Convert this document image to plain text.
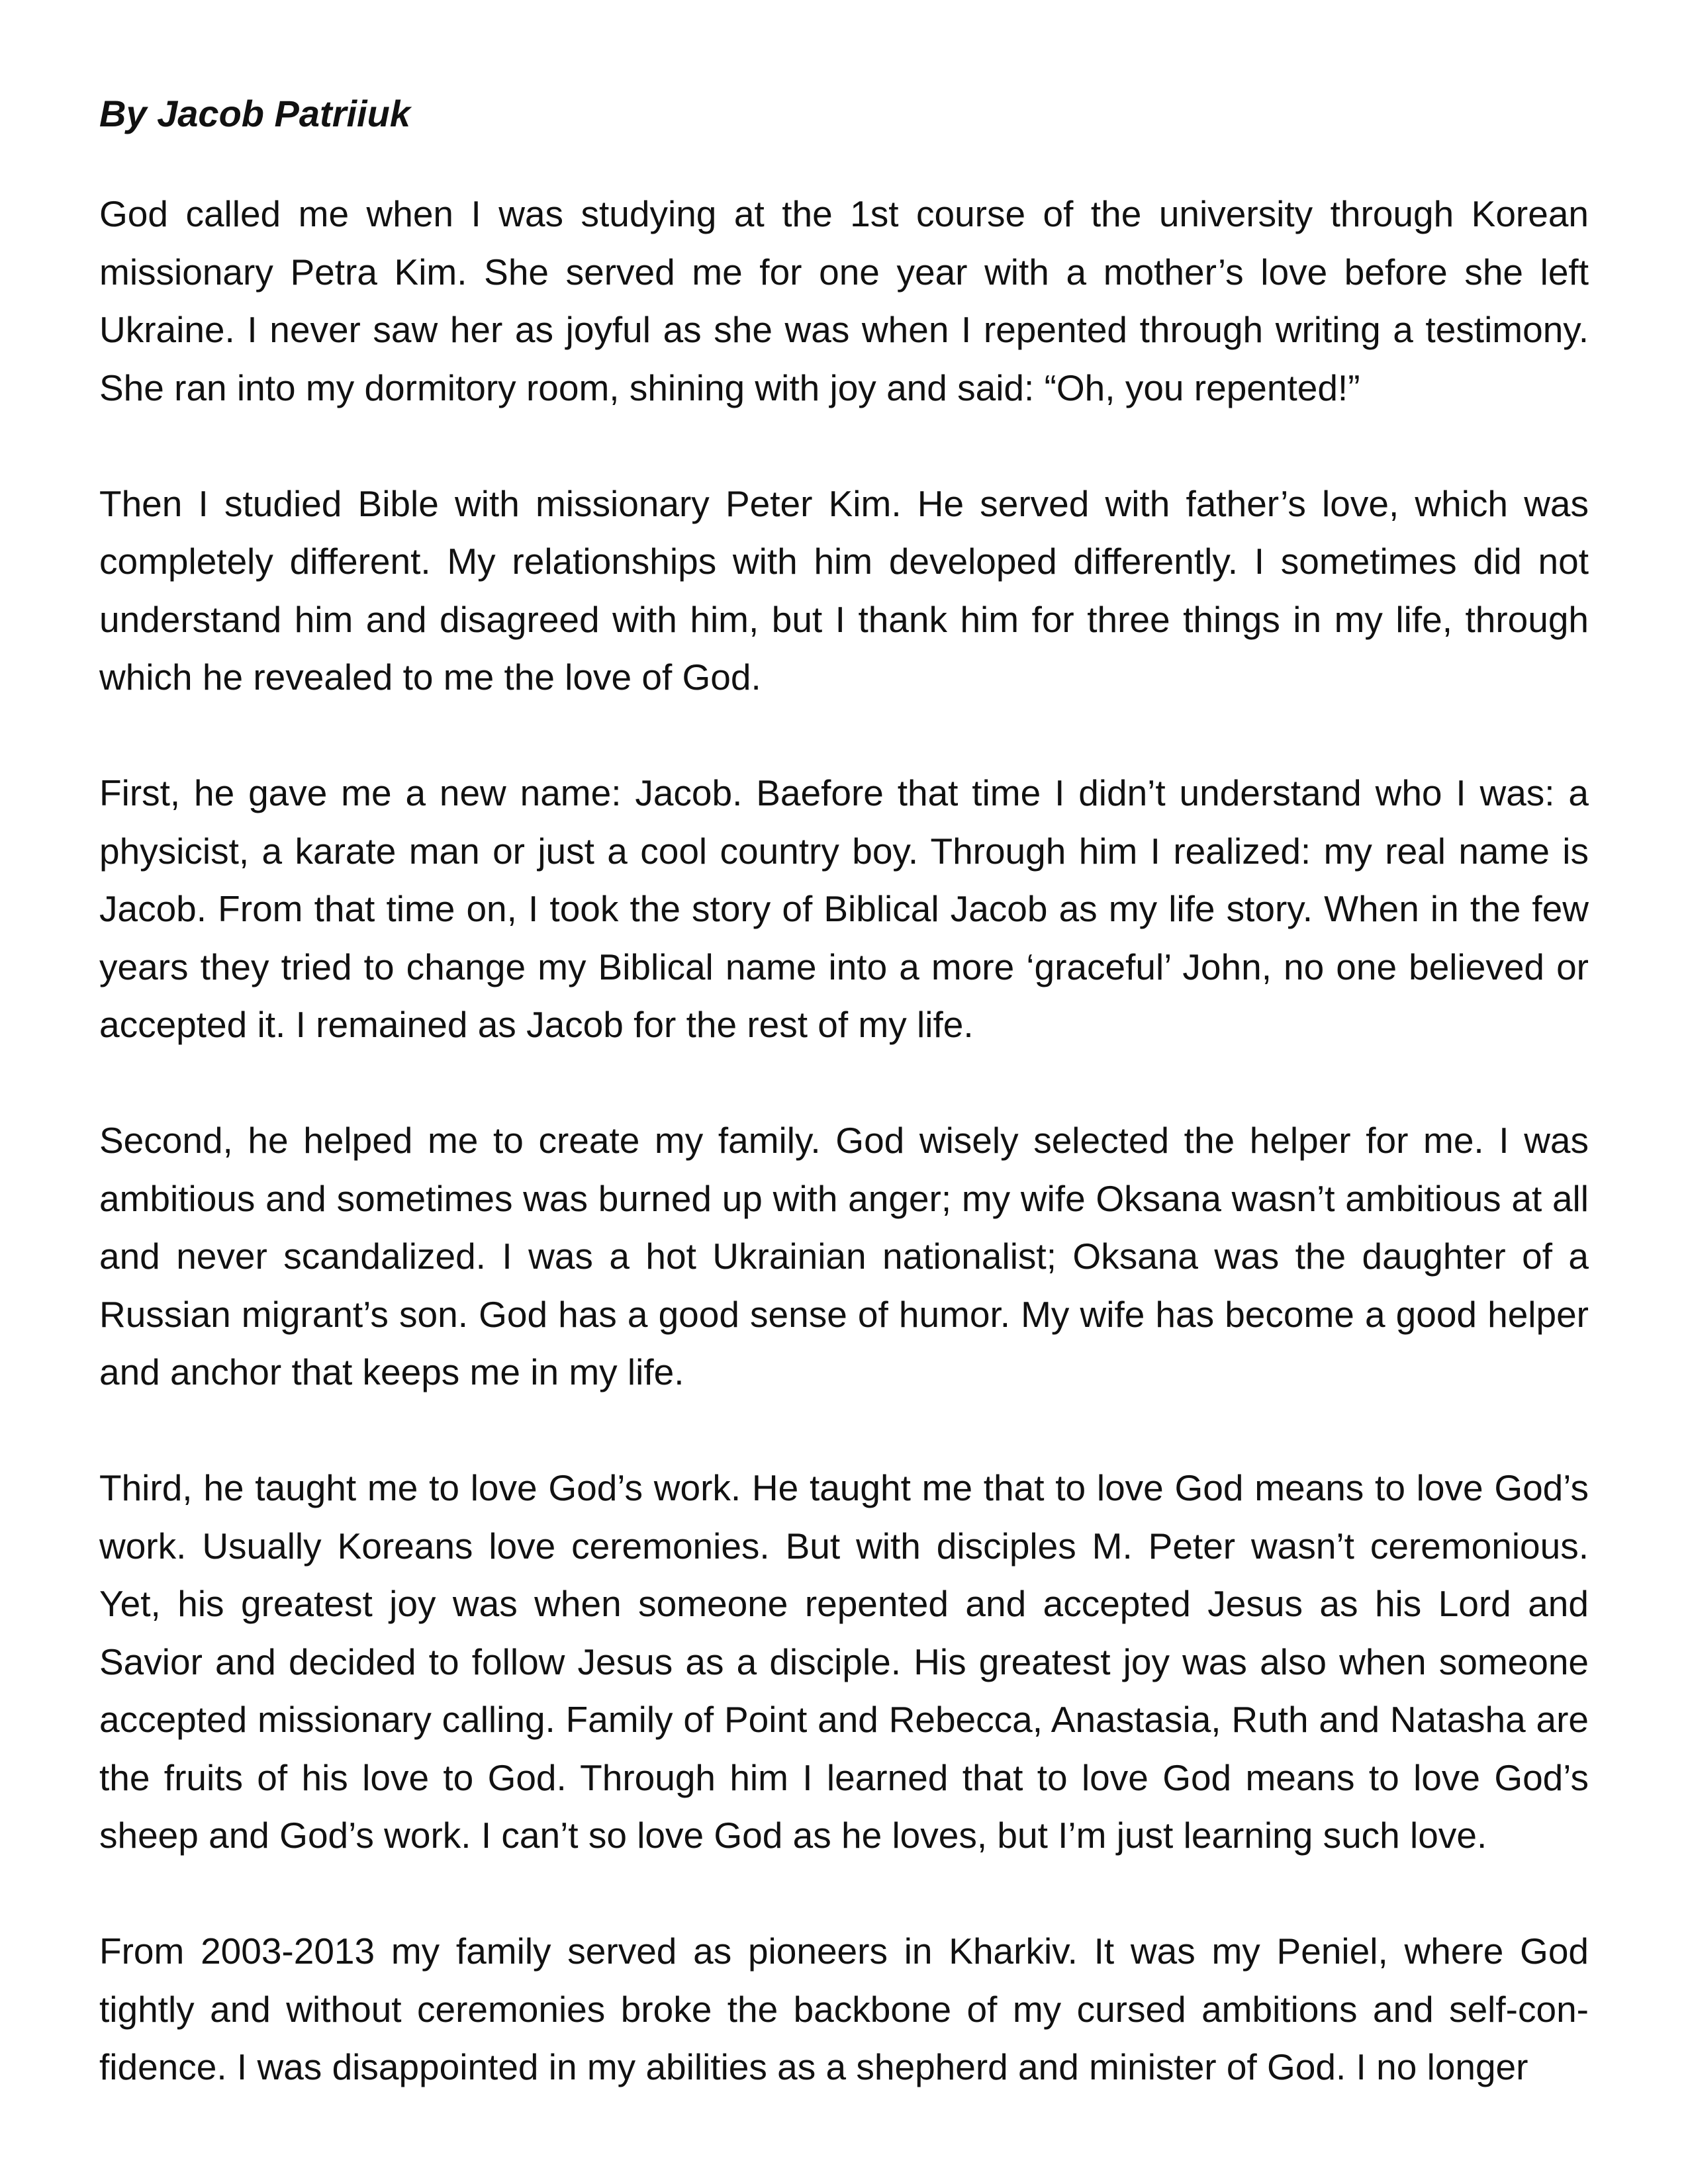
By Jacob Patriiuk

God called me when I was studying at the 1st course of the university through Korean missionary Petra Kim. She served me for one year with a mother’s love before she left Ukraine. I never saw her as joyful as she was when I repented through writing a testimony. She ran into my dormitory room, shining with joy and said: “Oh, you repented!”

Then I studied Bible with missionary Peter Kim. He served with father’s love, which was completely different. My relationships with him developed differently. I sometimes did not understand him and disagreed with him, but I thank him for three things in my life, through which he revealed to me the love of God.

First, he gave me a new name: Jacob. Baefore that time I didn’t understand who I was: a physicist, a karate man or just a cool country boy. Through him I realized: my real name is Jacob. From that time on, I took the story of Biblical Jacob as my life story. When in the few years they tried to change my Biblical name into a more ‘graceful’ John, no one believed or accepted it. I remained as Jacob for the rest of my life.

Second, he helped me to create my family. God wisely selected the helper for me. I was ambitious and sometimes was burned up with anger; my wife Oksana wasn’t ambitious at all and never scandalized. I was a hot Ukrainian nationalist; Oksana was the daughter of a Russian migrant’s son. God has a good sense of humor. My wife has become a good helper and anchor that keeps me in my life.

Third, he taught me to love God’s work. He taught me that to love God means to love God’s work. Usually Koreans love ceremonies. But with disciples M. Peter wasn’t ceremonious. Yet, his greatest joy was when someone repented and accepted Jesus as his Lord and Savior and decided to follow Jesus as a disciple. His greatest joy was also when someone accepted missionary calling. Family of Point and Rebecca, Anastasia, Ruth and Natasha are the fruits of his love to God. Through him I learned that to love God means to love God’s sheep and God’s work. I can’t so love God as he loves, but I’m just learning such love.

From 2003-2013 my family served as pioneers in Kharkiv. It was my Peniel, where God tightly and without ceremonies broke the backbone of my cursed ambitions and self-confidence. I was disappointed in my abilities as a shepherd and minister of God. I no longer
